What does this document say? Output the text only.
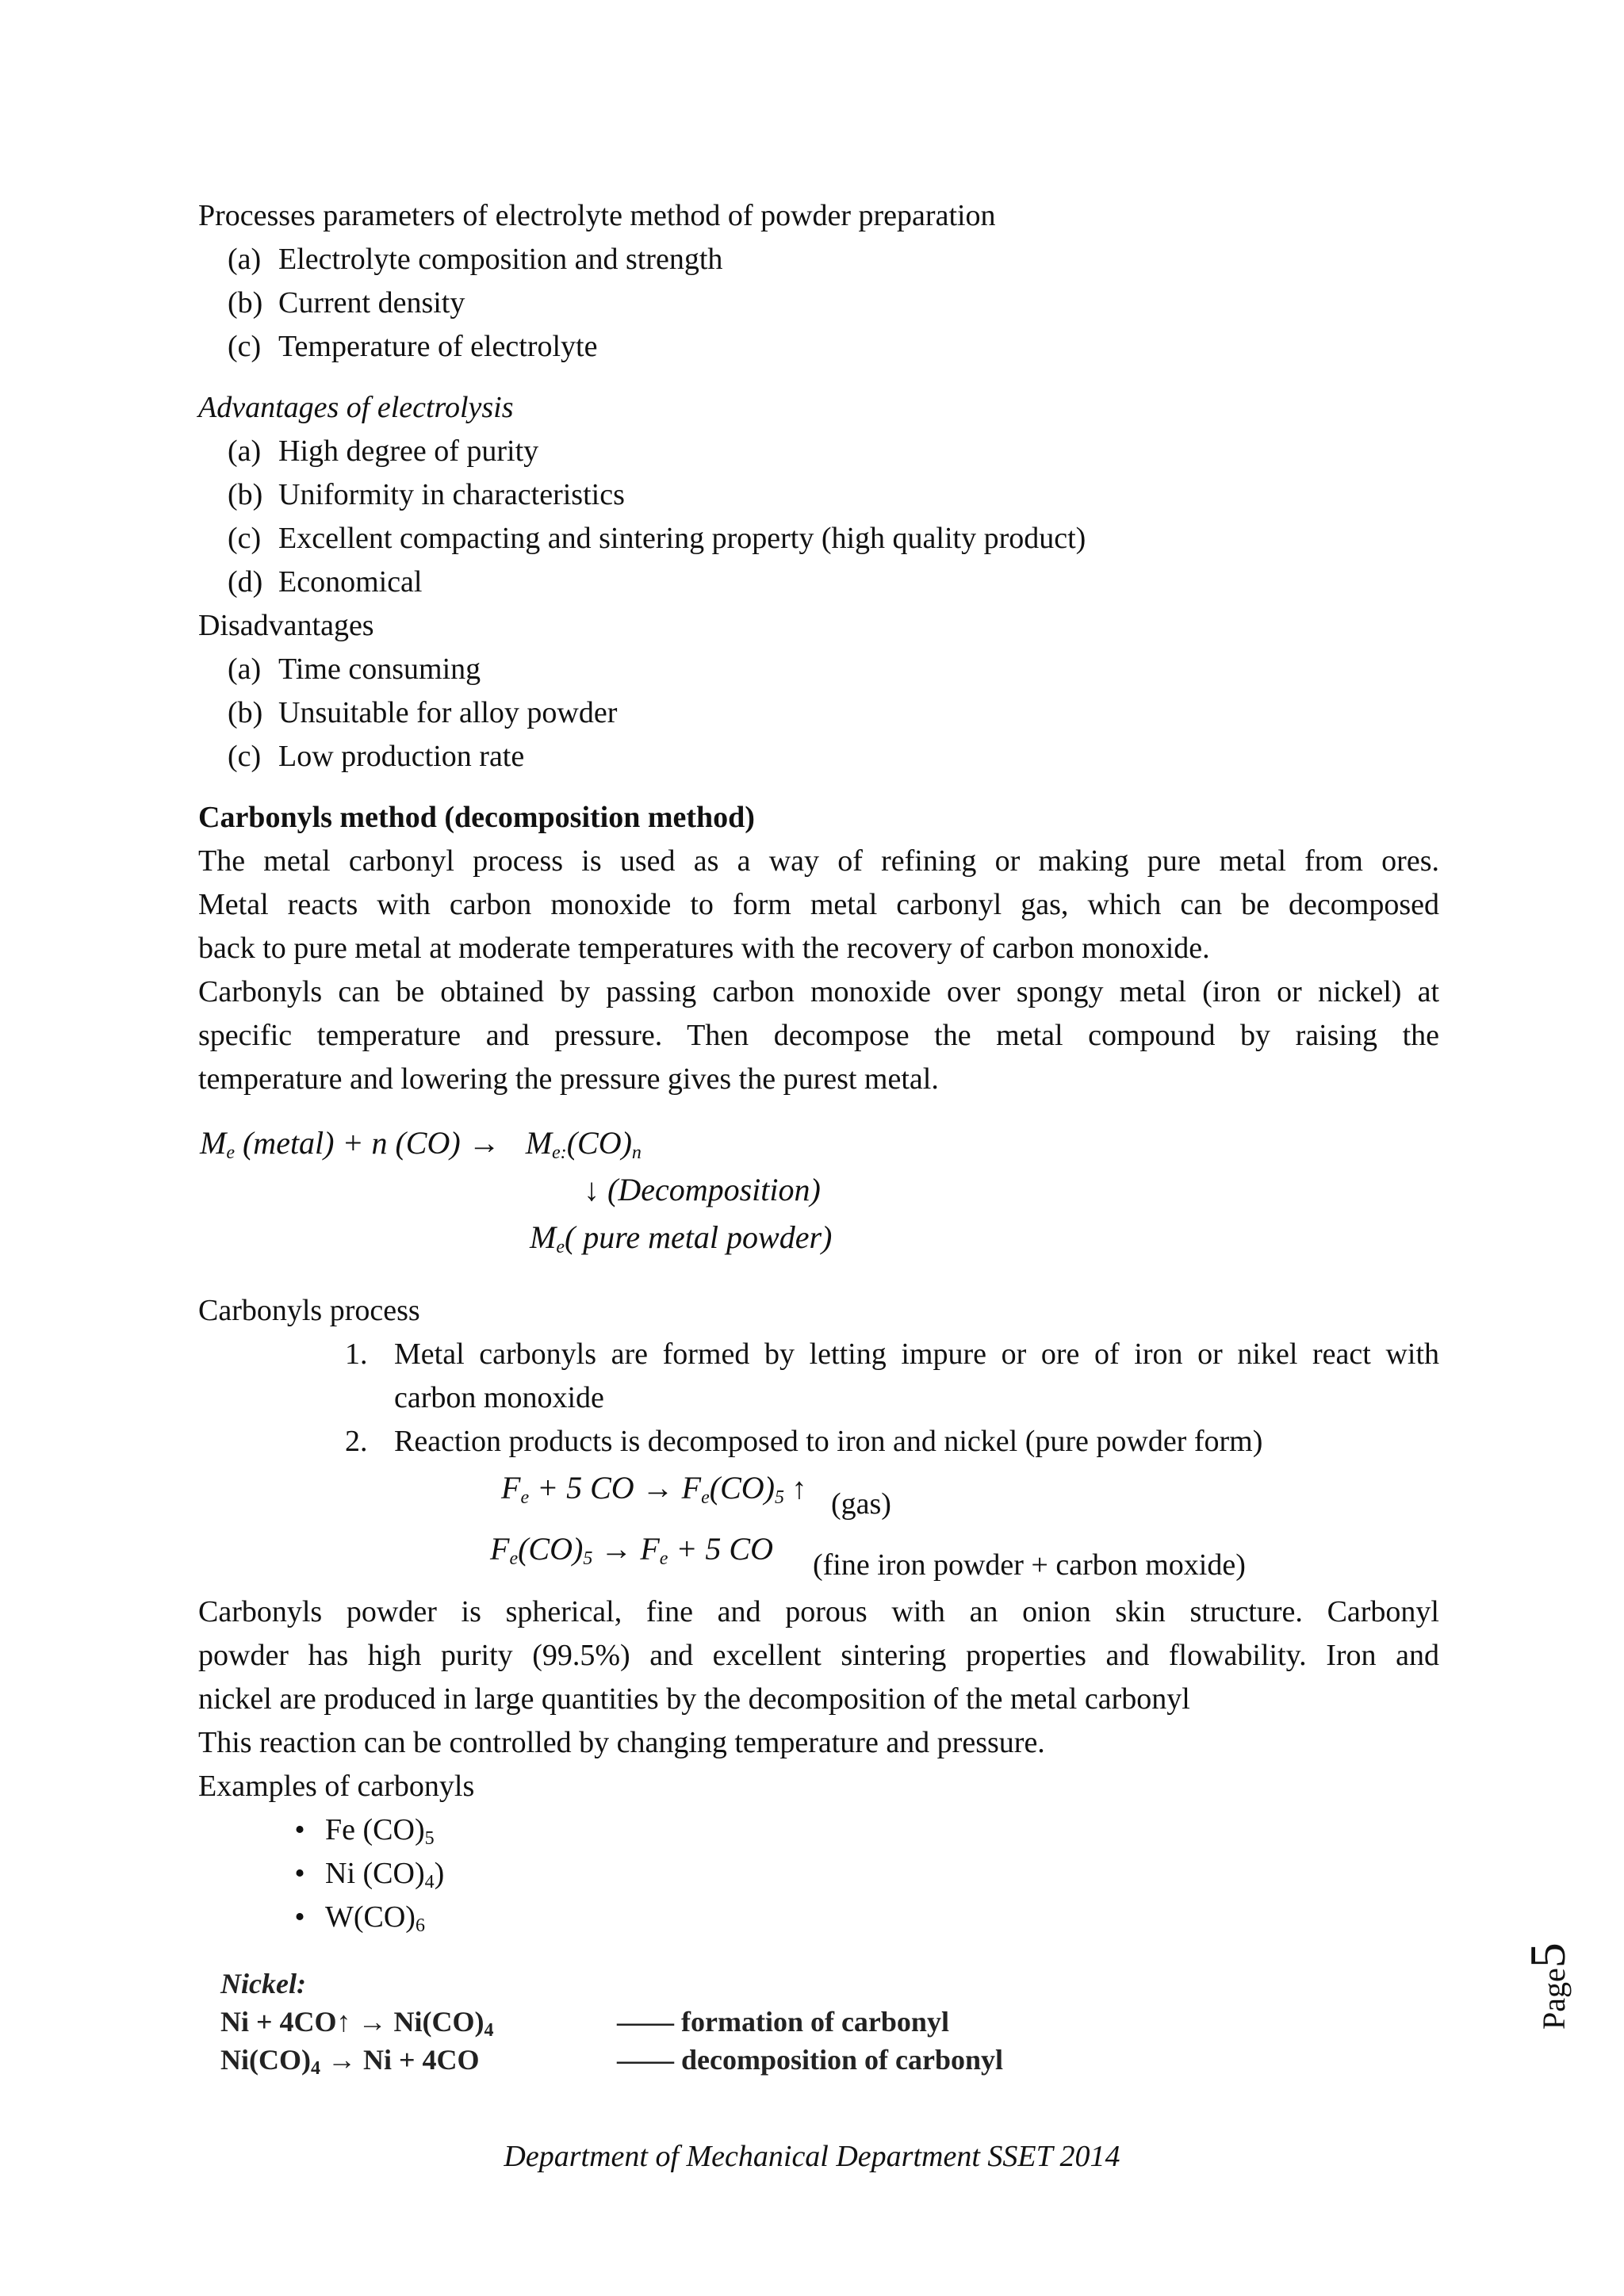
Processes parameters of electrolyte method of powder preparation
(a) Electrolyte composition and strength
(b) Current density
(c) Temperature of electrolyte
Advantages of electrolysis
(a) High degree of purity
(b) Uniformity in characteristics
(c) Excellent compacting and sintering property (high quality product)
(d) Economical
Disadvantages
(a) Time consuming
(b) Unsuitable for alloy powder
(c) Low production rate
Carbonyls method (decomposition method)
The metal carbonyl process is used as a way of refining or making pure metal from ores.
Metal reacts with carbon monoxide to form metal carbonyl gas, which can be decomposed
back to pure metal at moderate temperatures with the recovery of carbon monoxide.
Carbonyls can be obtained by passing carbon monoxide over spongy metal (iron or nickel) at
specific temperature and pressure. Then decompose the metal compound by raising the
temperature and lowering the pressure gives the purest metal.
$M_e$ (metal) + n $(CO) \to M_{e:}(CO)_n$
↓ (Decomposition)
$M_e$( pure metal powder)
Carbonyls process
1. Metal carbonyls are formed by letting impure or ore of iron or nikel react with
carbon monoxide
2. Reaction products is decomposed to iron and nickel (pure powder form)
$F_e + 5$ CO → $F_e(CO)_5$ ↑ (gas)
$F_e(CO)_5 \to F_e + 5$ CO (fine iron powder + carbon moxide)
Carbonyls powder is spherical, fine and porous with an onion skin structure. Carbonyl
powder has high purity (99.5%) and excellent sintering properties and flowability. Iron and
nickel are produced in large quantities by the decomposition of the metal carbonyl
This reaction can be controlled by changing temperature and pressure.
Examples of carbonyls
• Fe $(CO)_5$
• Ni $(CO)_4$)
• $W(CO)_6$
Nickel:
Ni + 4CO↑ → $Ni(CO)_4$	—— formation of carbonyl
$Ni(CO)_4 \to Ni + 4CO$	—— decomposition of carbonyl
Page5
Department of Mechanical Department SSET 2014
